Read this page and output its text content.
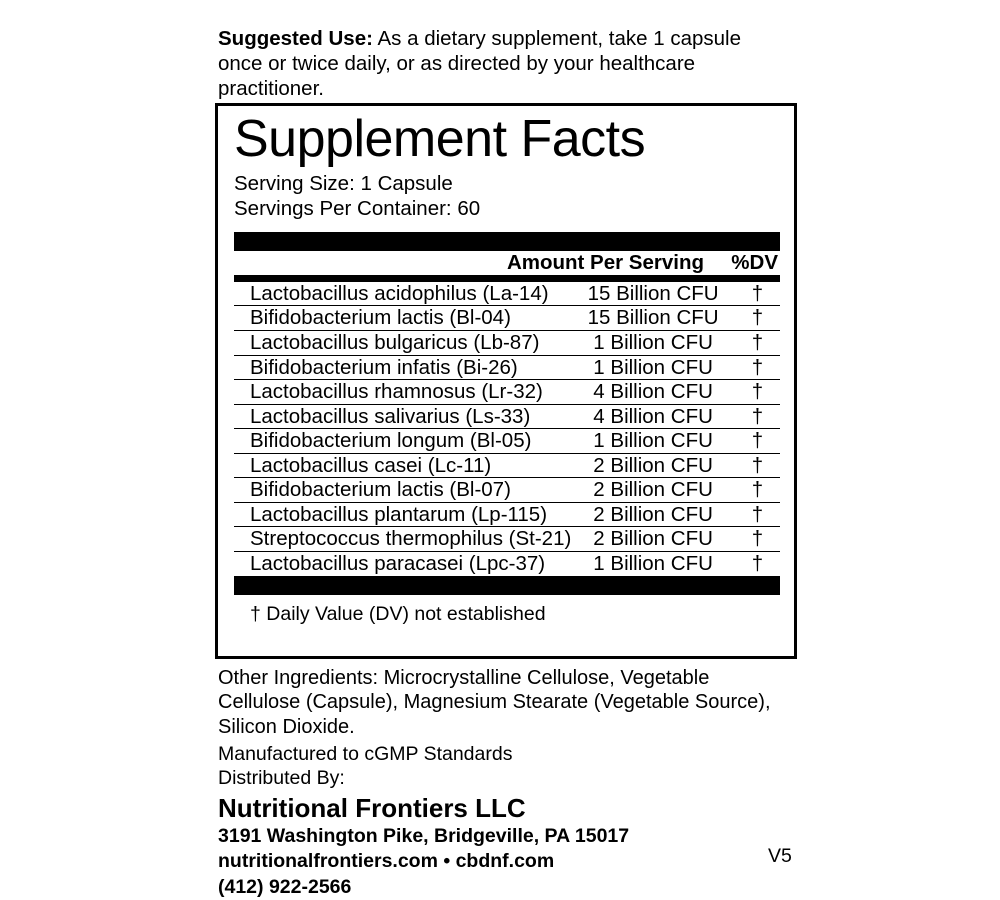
Suggested Use: As a dietary supplement, take 1 capsule once or twice daily, or as directed by your healthcare practitioner.
Supplement Facts
Serving Size: 1 Capsule
Servings Per Container: 60
	Amount Per Serving	%DV
Lactobacillus acidophilus (La-14)	15 Billion CFU	†
Bifidobacterium lactis (Bl-04)	15 Billion CFU	†
Lactobacillus bulgaricus (Lb-87)	1 Billion CFU	†
Bifidobacterium infatis (Bi-26)	1 Billion CFU	†
Lactobacillus rhamnosus (Lr-32)	4 Billion CFU	†
Lactobacillus salivarius (Ls-33)	4 Billion CFU	†
Bifidobacterium longum (Bl-05)	1 Billion CFU	†
Lactobacillus casei (Lc-11)	2 Billion CFU	†
Bifidobacterium lactis (Bl-07)	2 Billion CFU	†
Lactobacillus plantarum (Lp-115)	2 Billion CFU	†
Streptococcus thermophilus (St-21)	2 Billion CFU	†
Lactobacillus paracasei (Lpc-37)	1 Billion CFU	†
† Daily Value (DV) not established
Other Ingredients: Microcrystalline Cellulose, Vegetable Cellulose (Capsule), Magnesium Stearate (Vegetable Source), Silicon Dioxide.
Manufactured to cGMP Standards
Distributed By:
Nutritional Frontiers LLC
3191 Washington Pike, Bridgeville, PA 15017
nutritionalfrontiers.com • cbdnf.com
(412) 922-2566
V5
